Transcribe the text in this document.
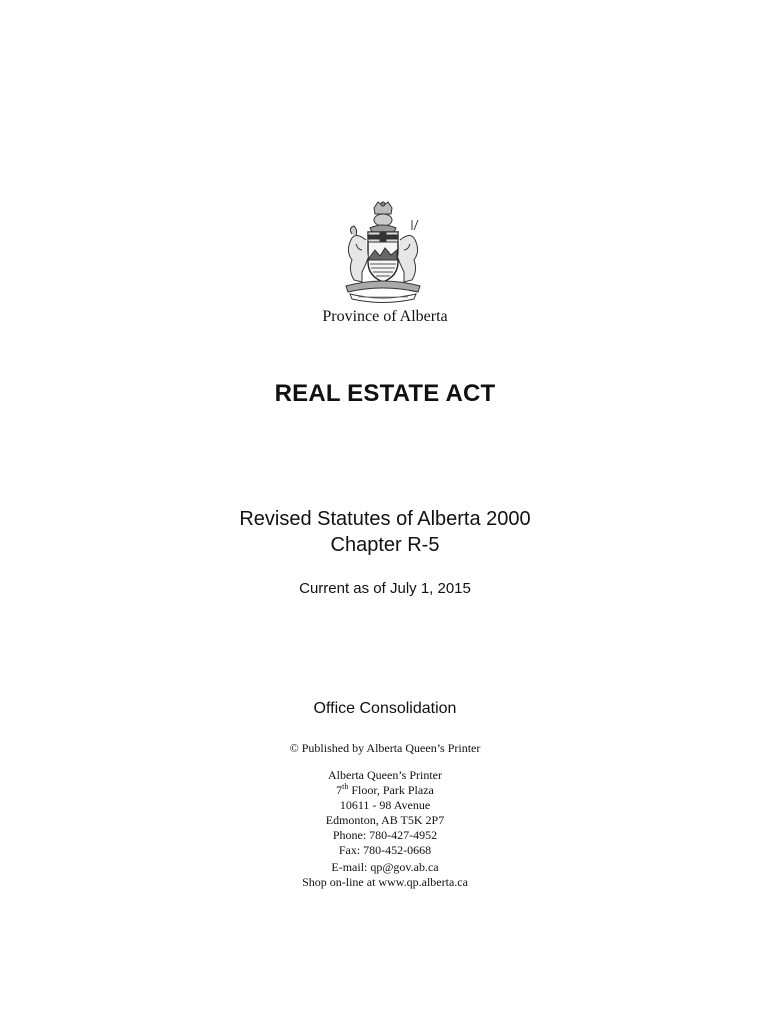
Province of Alberta
REAL ESTATE ACT
Revised Statutes of Alberta 2000
Chapter R-5
Current as of July 1, 2015
Office Consolidation
© Published by Alberta Queen’s Printer
Alberta Queen’s Printer
7th Floor, Park Plaza
10611 - 98 Avenue
Edmonton, AB T5K 2P7
Phone: 780-427-4952
Fax: 780-452-0668
E-mail: qp@gov.ab.ca
Shop on-line at www.qp.alberta.ca
